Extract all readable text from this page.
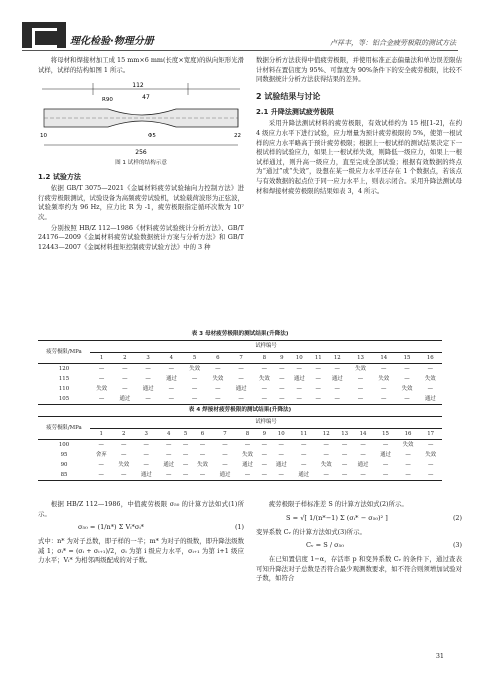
理化检验·物理分册	卢祥丰，等：铝合金疲劳极限的测试方法

将母材和焊接材加工成 15 mm×6 mm(长度×宽度)的纵向矩形光滑试样，试样的结构如图 1 所示。

112
47
R90
22
Φ5
10
256
图 1 试样的结构示意
1.2 试验方法

依据 GB/T 3075—2021《金属材料疲劳试验轴向力控制方法》进行疲劳极限测试，试验设备为高频疲劳试验机，试验载荷波形为正弦波，试验频率约为 96 Hz，应力比 R 为 -1，疲劳极限指定循环次数为 10⁷ 次。

分别按照 HB/Z 112—1986《材料疲劳试验统计分析方法》、GB/T 24176—2009《金属材料疲劳试验数据统计方案与分析方法》和 GB/T 12443—2007《金属材料扭矩控制疲劳试验方法》中的 3 种

数据分析方法获得中值疲劳极限，并使用标准正态偏量法和单边误差限估计材料在置信度为 95%、可靠度为 90%条件下的安全疲劳极限，比较不同数据统计分析方法获得结果的差异。

2 试验结果与讨论
2.1 升降法测试疲劳极限

采用升降法测试材料的疲劳极限，有效试样约为 15 根[1-2]，在约 4 级应力水平下进行试验，应力增量为预计疲劳极限的 5%，使第一根试样的应力水平略高于预计疲劳极限；根据上一根试样的测试结果决定下一根试样的试验应力，如果上一根试样失效，则降低一级应力，如果上一根试样通过，则升高一级应力，直至完成全部试验；根据有效数据的终点为“通过”或“失效”，设想在某一级应力水平还存在 1 个数据点，若该点与有效数据的起点位于同一应力水平上，则表示闭合。采用升降法测试母材和焊接材疲劳极限的结果如表 3，4 所示。

表 3 母材疲劳极限的测试结果(升降法)
疲劳极限/MPa	试样编号															
	1	2	3	4	5	6	7	8	9	10	11	12	13	14	15	16
120	—	—	—	—	失效	—	—	—	—	—	—	—	失效	—	—	—
115	—	—	—	通过	—	失效	—	失效	—	通过	—	通过	—	失效	—	失效
110	失效	—	通过	—	—	—	通过	—	—	—	—	—	—	—	失效	—
105	—	通过	—	—	—	—	—	—	—	—	—	—	—	—	—	通过
表 4 焊接材疲劳极限的测试结果(升降法)
疲劳极限/MPa	试样编号																
	1	2	3	4	5	6	7	8	9	10	11	12	13	14	15	16	17
100	—	—	—	—	—	—	—	—	—	—	—	—	—	—	—	失效	—
95	舍弃	—	—	—	—	—	—	失效	—	—	—	—	—	—	通过	—	失效
90	—	失效	—	通过	—	失效	—	通过	—	通过	—	失效	—	通过	—	—	—
85	—	—	通过	—	—	—	通过	—	—	—	通过	—	—	—	—	—	—

根据 HB/Z 112—1986，中值疲劳极限 σ₅₀ 的计算方法如式(1)所示。

σ₅₀ = (1/n*) Σ Vᵢ*σᵢ*	(1)

式中：n* 为对子总数，即子样的一半；m* 为对子的级数，即升降法级数减 1；σᵢ* = (σᵢ + σᵢ₊₁)/2，σᵢ 为第 i 级应力水平，σᵢ₊₁ 为第 i+1 级应力水平；Vᵢ* 为相邻两级配成的对子数。

疲劳极限子样标准差 S 的计算方法如式(2)所示。

S = √[ 1/(n*−1) Σ (σᵢ* − σ₅₀)² ]	(2)

变异系数 Cᵥ 的计算方法如式(3)所示。

Cᵥ = S / σ₅₀	(3)

在已知置信度 1−α，存活率 p 和变异系数 Cᵥ 的条件下，通过查表可知升降法对子总数是否符合最少观测数要求，如不符合则须增加试验对子数，如符合

31
